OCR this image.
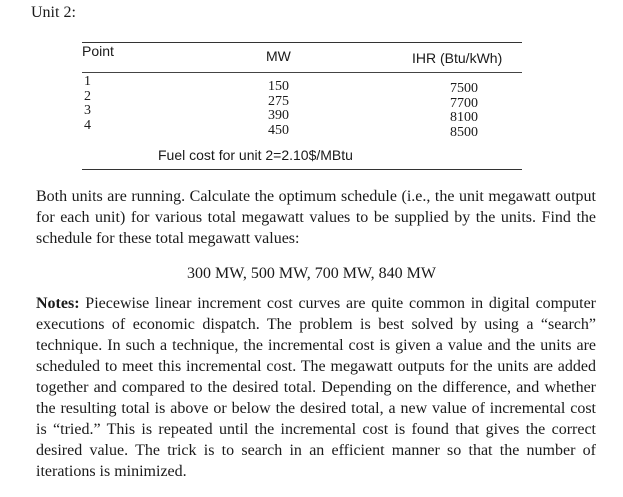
Unit 2:
Point	MW	IHR (Btu/kWh)
1
2
3
4
150
275
390
450
7500
7700
8100
8500
Fuel cost for unit 2=2.10$/MBtu
Both units are running. Calculate the optimum schedule (i.e., the unit megawatt output for each unit) for various total megawatt values to be supplied by the units. Find the schedule for these total megawatt values:
300 MW, 500 MW, 700 MW, 840 MW
Notes: Piecewise linear increment cost curves are quite common in digital computer executions of economic dispatch. The problem is best solved by using a “search” technique. In such a technique, the incremental cost is given a value and the units are scheduled to meet this incremental cost. The megawatt outputs for the units are added together and compared to the desired total. Depending on the difference, and whether the resulting total is above or below the desired total, a new value of incremental cost is “tried.” This is repeated until the incremental cost is found that gives the correct desired value. The trick is to search in an efficient manner so that the number of iterations is minimized.
